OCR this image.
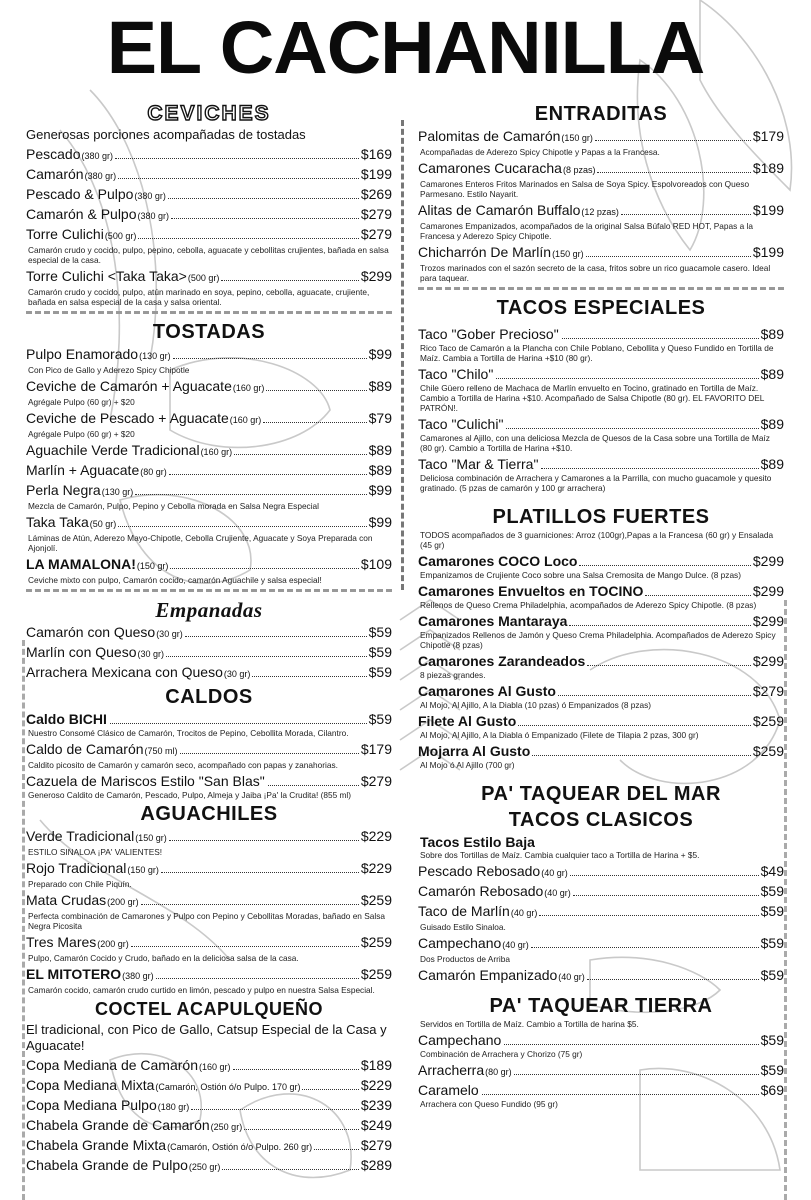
EL CACHANILLA
CEVICHES
Generosas porciones acompañadas de tostadas
Pescado (380 gr)	$169
Camarón (380 gr)	$199
Pescado & Pulpo (380 gr)	$269
Camarón & Pulpo (380 gr)	$279
Torre Culichi (500 gr)	$279
Camarón crudo y cocido, pulpo, pepino, cebolla, aguacate y cebollitas crujientes, bañada en salsa especial de la casa.
Torre Culichi <Taka Taka> (500 gr)	$299
Camarón crudo y cocido, pulpo, atún marinado en soya, pepino, cebolla, aguacate, crujiente, bañada en salsa especial de la casa y salsa oriental.
TOSTADAS
Pulpo Enamorado (130 gr)	$99
Con Pico de Gallo y Aderezo Spicy Chipotle
Ceviche de Camarón + Aguacate (160 gr)	$89
Agrégale Pulpo (60 gr) + $20
Ceviche de Pescado + Aguacate (160 gr)	$79
Agrégale Pulpo (60 gr) + $20
Aguachile Verde Tradicional (160 gr)	$89
Marlín + Aguacate (80 gr)	$89
Perla Negra (130 gr)	$99
Mezcla de Camarón, Pulpo, Pepino y Cebolla morada en Salsa Negra Especial
Taka Taka (50 gr)	$99
Láminas de Atún, Aderezo Mayo-Chipotle, Cebolla Crujiente, Aguacate y Soya Preparada con Ajonjolí.
LA MAMALONA! (150 gr)	$109
Ceviche mixto con pulpo, Camarón cocido, camarón Aguachile y salsa especial!
Empanadas
Camarón con Queso (30 gr)	$59
Marlín con Queso (30 gr)	$59
Arrachera Mexicana con Queso (30 gr)	$59
CALDOS
Caldo BICHI	$59
Nuestro Consomé Clásico de Camarón, Trocitos de Pepino, Cebollita Morada, Cilantro.
Caldo de Camarón (750 ml)	$179
Caldito picosito de Camarón y camarón seco, acompañado con papas y zanahorias.
Cazuela de Mariscos Estilo "San Blas"	$279
Generoso Caldito de Camarón, Pescado, Pulpo, Almeja y Jaiba ¡Pa' la Crudita! (855 ml)
AGUACHILES
Verde Tradicional (150 gr)	$229
ESTILO SINALOA ¡PA' VALIENTES!
Rojo Tradicional (150 gr)	$229
Preparado con Chile Piquín.
Mata Crudas (200 gr)	$259
Perfecta combinación de Camarones y Pulpo con Pepino y Cebollitas Moradas, bañado en Salsa Negra Picosita
Tres Mares (200 gr)	$259
Pulpo, Camarón Cocido y Crudo, bañado en la deliciosa salsa de la casa.
EL MITOTERO (380 gr)	$259
Camarón cocido, camarón crudo curtido en limón, pescado y pulpo en nuestra Salsa Especial.
COCTEL ACAPULQUEÑO
El tradicional, con Pico de Gallo, Catsup Especial de la Casa y Aguacate!
Copa Mediana de Camarón (160 gr)	$189
Copa Mediana Mixta (Camarón, Ostión ó/o Pulpo. 170 gr)	$229
Copa Mediana Pulpo (180 gr)	$239
Chabela Grande de Camarón (250 gr)	$249
Chabela Grande Mixta (Camarón, Ostión ó/o Pulpo. 260 gr)	$279
Chabela Grande de Pulpo (250 gr)	$289
ENTRADITAS
Palomitas de Camarón (150 gr)	$179
Acompañadas de Aderezo Spicy Chipotle y Papas a la Francesa.
Camarones Cucaracha (8 pzas)	$189
Camarones Enteros Fritos Marinados en Salsa de Soya Spicy. Espolvoreados con Queso Parmesano. Estilo Nayarit.
Alitas de Camarón Buffalo (12 pzas)	$199
Camarones Empanizados, acompañados de la original Salsa Búfalo RED HOT, Papas a la Francesa y Aderezo Spicy Chipotle.
Chicharrón De Marlín (150 gr)	$199
Trozos marinados con el sazón secreto de la casa, fritos sobre un rico guacamole casero. Ideal para taquear.
TACOS ESPECIALES
Taco "Gober Precioso"	$89
Rico Taco de Camarón a la Plancha con Chile Poblano, Cebollita y Queso Fundido en Tortilla de Maíz. Cambia a Tortilla de Harina +$10 (80 gr).
Taco "Chilo"	$89
Chile Güero relleno de Machaca de Marlín envuelto en Tocino, gratinado en Tortilla de Maíz. Cambio a Tortilla de Harina +$10. Acompañado de Salsa Chipotle (80 gr). EL FAVORITO DEL PATRÓN!.
Taco "Culichi"	$89
Camarones al Ajillo, con una deliciosa Mezcla de Quesos de la Casa sobre una Tortilla de Maíz (80 gr). Cambio a Tortilla de Harina +$10.
Taco "Mar & Tierra"	$89
Deliciosa combinación de Arrachera y Camarones a la Parrilla, con mucho guacamole y quesito gratinado. (5 pzas de camarón y 100 gr arrachera)
PLATILLOS FUERTES
TODOS acompañados de 3 guarniciones: Arroz (100gr),Papas a la Francesa (60 gr) y Ensalada (45 gr)
Camarones COCO Loco	$299
Empanizamos de Crujiente Coco sobre una Salsa Cremosita de Mango Dulce. (8 pzas)
Camarones Envueltos en TOCINO	$299
Rellenos de Queso Crema Philadelphia, acompañados de Aderezo Spicy Chipotle. (8 pzas)
Camarones Mantaraya	$299
Empanizados Rellenos de Jamón y Queso Crema Philadelphia. Acompañados de Aderezo Spicy Chipotle (8 pzas)
Camarones Zarandeados	$299
8 piezas grandes.
Camarones Al Gusto	$279
Al Mojo, Al Ajillo, A la Diabla (10 pzas) ó Empanizados (8 pzas)
Filete Al Gusto	$259
Al Mojo, Al Ajillo, A la Diabla ó Empanizado (Filete de Tilapia 2 pzas, 300 gr)
Mojarra Al Gusto	$259
Al Mojo ó Al Ajillo (700 gr)
PA' TAQUEAR DEL MAR
TACOS CLASICOS
Tacos Estilo Baja
Sobre dos Tortillas de Maíz. Cambia cualquier taco a Tortilla de Harina + $5.
Pescado Rebosado (40 gr)	$49
Camarón Rebosado (40 gr)	$59
Taco de Marlín (40 gr)	$59
Guisado Estilo Sinaloa.
Campechano (40 gr)	$59
Dos Productos de Arriba
Camarón Empanizado (40 gr)	$59
PA' TAQUEAR TIERRA
Servidos en Tortilla de Maíz. Cambio a Tortilla de harina $5.
Campechano	$59
Combinación de Arrachera y Chorizo (75 gr)
Arracherra (80 gr)	$59
Caramelo	$69
Arrachera con Queso Fundido (95 gr)
